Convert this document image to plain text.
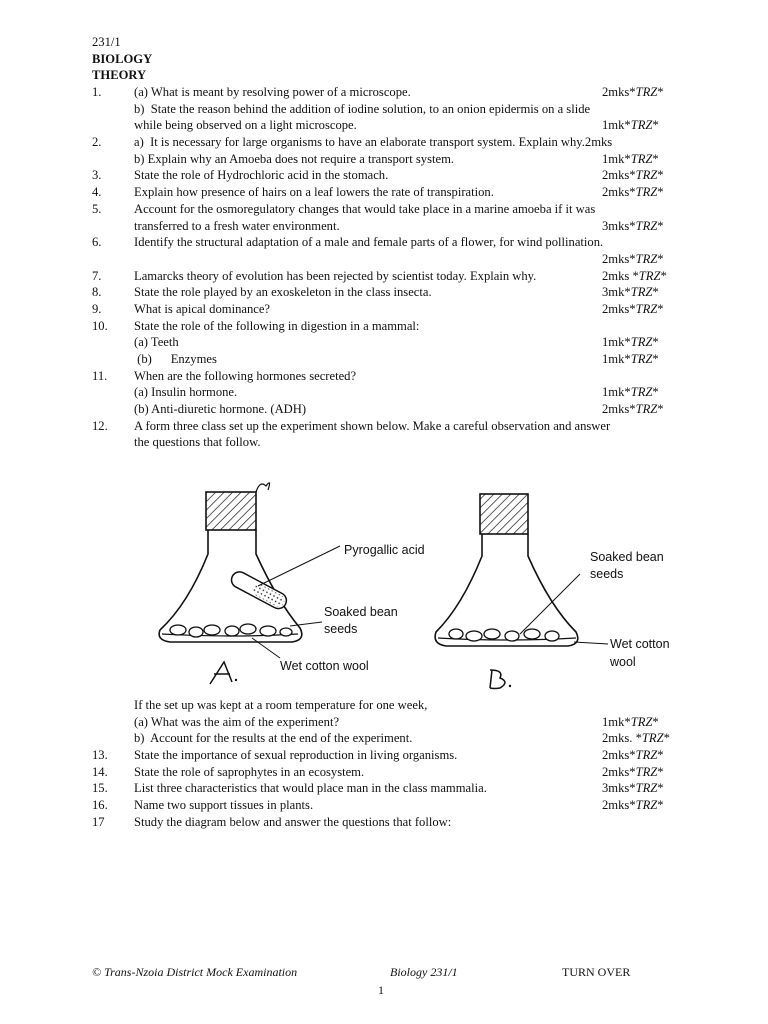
231/1
BIOLOGY
THEORY
1.	(a) What is meant by resolving power of a microscope.	2mks*TRZ*
b)  State the reason behind the addition of iodine solution, to an onion epidermis on a slide
while being observed on a light microscope.	1mk*TRZ*
2.	a)  It is necessary for large organisms to have an elaborate transport system. Explain why.2mks
b) Explain why an Amoeba does not require a transport system.	1mk*TRZ*
3.	State the role of Hydrochloric acid in the stomach.	2mks*TRZ*
4.	Explain how presence of hairs on a leaf lowers the rate of transpiration.	2mks*TRZ*
5.	Account for the osmoregulatory changes that would take place in a marine amoeba if it was
transferred to a fresh water environment.	3mks*TRZ*
6.	Identify the structural adaptation of a male and female parts of a flower, for wind pollination.
2mks*TRZ*
7.	Lamarcks theory of evolution has been rejected by scientist today. Explain why.	2mks *TRZ*
8.	State the role played by an exoskeleton in the class insecta.	3mk*TRZ*
9.	What is apical dominance?	2mks*TRZ*
10. State the role of the following in digestion in a mammal:
(a) Teeth	1mk*TRZ*
(b)      Enzymes	1mk*TRZ*
11. When are the following hormones secreted?
(a) Insulin hormone.	1mk*TRZ*
(b) Anti-diuretic hormone. (ADH)	2mks*TRZ*
12. A form three class set up the experiment shown below. Make a careful observation and answer
the questions that follow.
Pyrogallic acid
Soaked bean
seeds
Wet cotton wool
Soaked bean
seeds
Wet cotton
wool
If the set up was kept at a room temperature for one week,
(a) What was the aim of the experiment?	1mk*TRZ*
b)  Account for the results at the end of the experiment.	2mks. *TRZ*
13. State the importance of sexual reproduction in living organisms.	2mks*TRZ*
14. State the role of saprophytes in an ecosystem.	2mks*TRZ*
15. List three characteristics that would place man in the class mammalia.	3mks*TRZ*
16. Name two support tissues in plants.	2mks*TRZ*
17 Study the diagram below and answer the questions that follow:
© Trans-Nzoia District Mock Examination	Biology 231/1	TURN OVER
1
